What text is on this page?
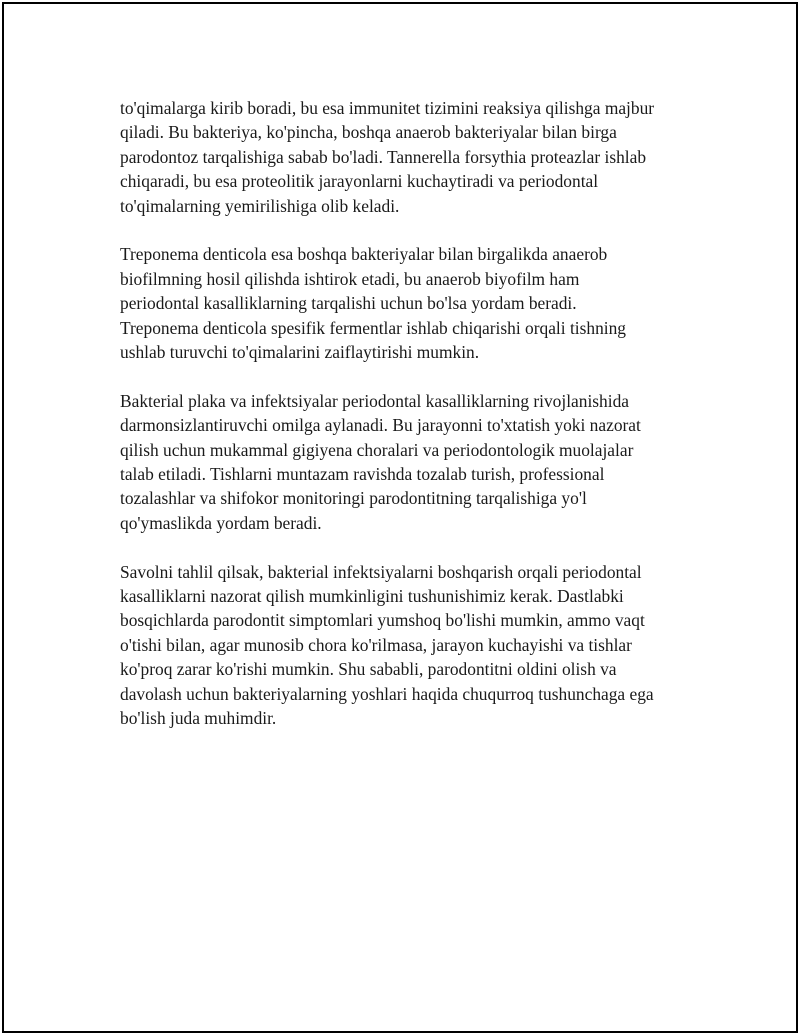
to'qimalarga kirib boradi, bu esa immunitet tizimini reaksiya qilishga majbur
qiladi. Bu bakteriya, ko'pincha, boshqa anaerob bakteriyalar bilan birga
parodontoz tarqalishiga sabab bo'ladi. Tannerella forsythia proteazlar ishlab
chiqaradi, bu esa proteolitik jarayonlarni kuchaytiradi va periodontal
to'qimalarning yemirilishiga olib keladi.

Treponema denticola esa boshqa bakteriyalar bilan birgalikda anaerob
biofilmning hosil qilishda ishtirok etadi, bu anaerob biyofilm ham
periodontal kasalliklarning tarqalishi uchun bo'lsa yordam beradi.
Treponema denticola spesifik fermentlar ishlab chiqarishi orqali tishning
ushlab turuvchi to'qimalarini zaiflaytirishi mumkin.

Bakterial plaka va infektsiyalar periodontal kasalliklarning rivojlanishida
darmonsizlantiruvchi omilga aylanadi. Bu jarayonni to'xtatish yoki nazorat
qilish uchun mukammal gigiyena choralari va periodontologik muolajalar
talab etiladi. Tishlarni muntazam ravishda tozalab turish, professional
tozalashlar va shifokor monitoringi parodontitning tarqalishiga yo'l
qo'ymaslikda yordam beradi.

Savolni tahlil qilsak, bakterial infektsiyalarni boshqarish orqali periodontal
kasalliklarni nazorat qilish mumkinligini tushunishimiz kerak. Dastlabki
bosqichlarda parodontit simptomlari yumshoq bo'lishi mumkin, ammo vaqt
o'tishi bilan, agar munosib chora ko'rilmasa, jarayon kuchayishi va tishlar
ko'proq zarar ko'rishi mumkin. Shu sababli, parodontitni oldini olish va
davolash uchun bakteriyalarning yoshlari haqida chuqurroq tushunchaga ega
bo'lish juda muhimdir.
